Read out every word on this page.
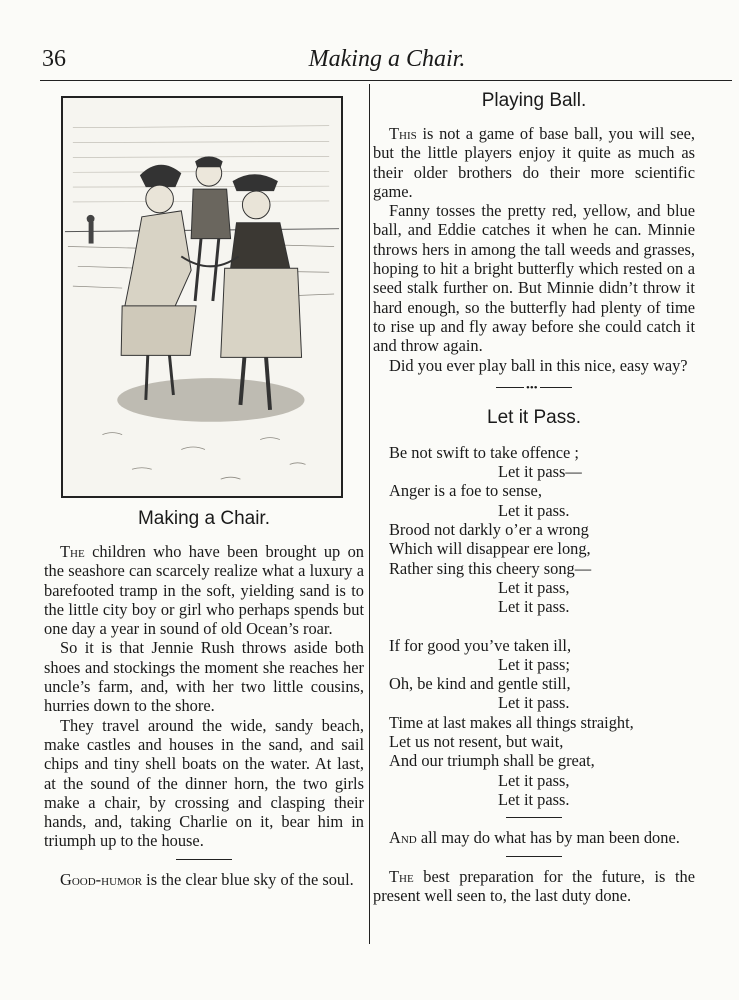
36	Making a Chair.
Making a Chair.

The children who have been brought up on the seashore can scarcely realize what a luxury a barefooted tramp in the soft, yielding sand is to the little city boy or girl who perhaps spends but one day a year in sound of old Ocean’s roar.

So it is that Jennie Rush throws aside both shoes and stockings the moment she reaches her uncle’s farm, and, with her two little cousins, hurries down to the shore.

They travel around the wide, sandy beach, make castles and houses in the sand, and sail chips and tiny shell boats on the water. At last, at the sound of the dinner horn, the two girls make a chair, by crossing and clasping their hands, and, taking Charlie on it, bear him in triumph up to the house.

Good-humor is the clear blue sky of the soul.

Playing Ball.

This is not a game of base ball, you will see, but the little players enjoy it quite as much as their older brothers do their more scientific game.

Fanny tosses the pretty red, yellow, and blue ball, and Eddie catches it when he can. Minnie throws hers in among the tall weeds and grasses, hoping to hit a bright butterfly which rested on a seed stalk further on. But Minnie didn’t throw it hard enough, so the butterfly had plenty of time to rise up and fly away before she could catch it and throw again.

Did you ever play ball in this nice, easy way?

•••
Let it Pass.
Be not swift to take offence ;
Let it pass—
Anger is a foe to sense,
Let it pass.
Brood not darkly o’er a wrong
Which will disappear ere long,
Rather sing this cheery song—
Let it pass,
Let it pass.
If for good you’ve taken ill,
Let it pass;
Oh, be kind and gentle still,
Let it pass.
Time at last makes all things straight,
Let us not resent, but wait,
And our triumph shall be great,
Let it pass,
Let it pass.

And all may do what has by man been done.

The best preparation for the future, is the present well seen to, the last duty done.
